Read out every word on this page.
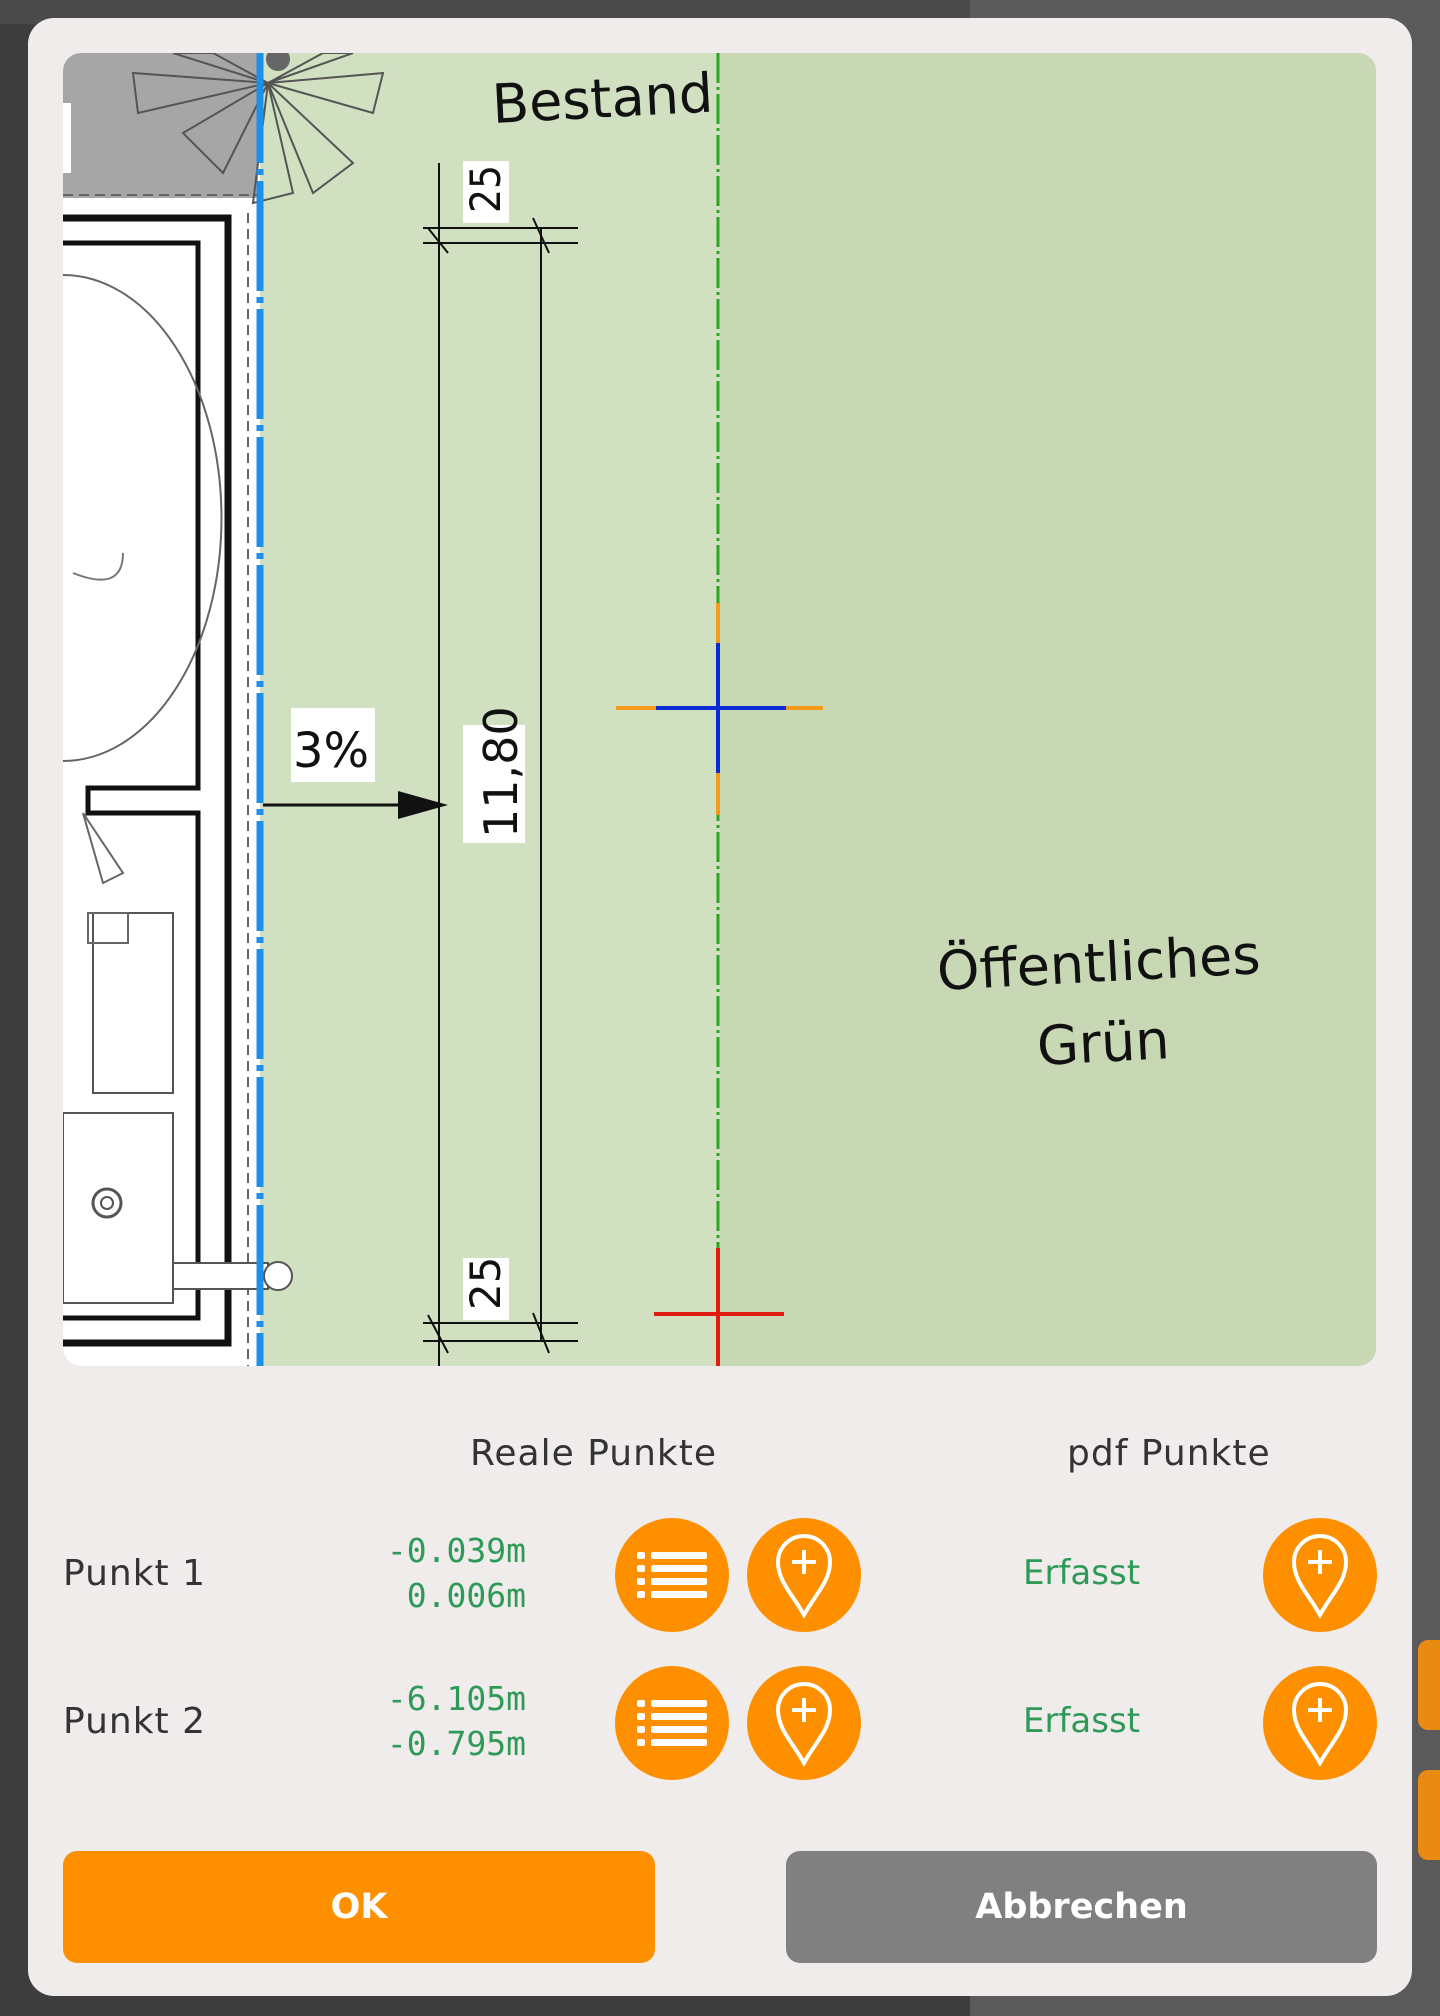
25
11,80
25
3%
Bestand
Öffentliches
Grün
Reale Punkte	pdf Punkte
Punkt 1
-0.039m
0.006m
Erfasst
Punkt 2
-6.105m
-0.795m
Erfasst
OK	Abbrechen
